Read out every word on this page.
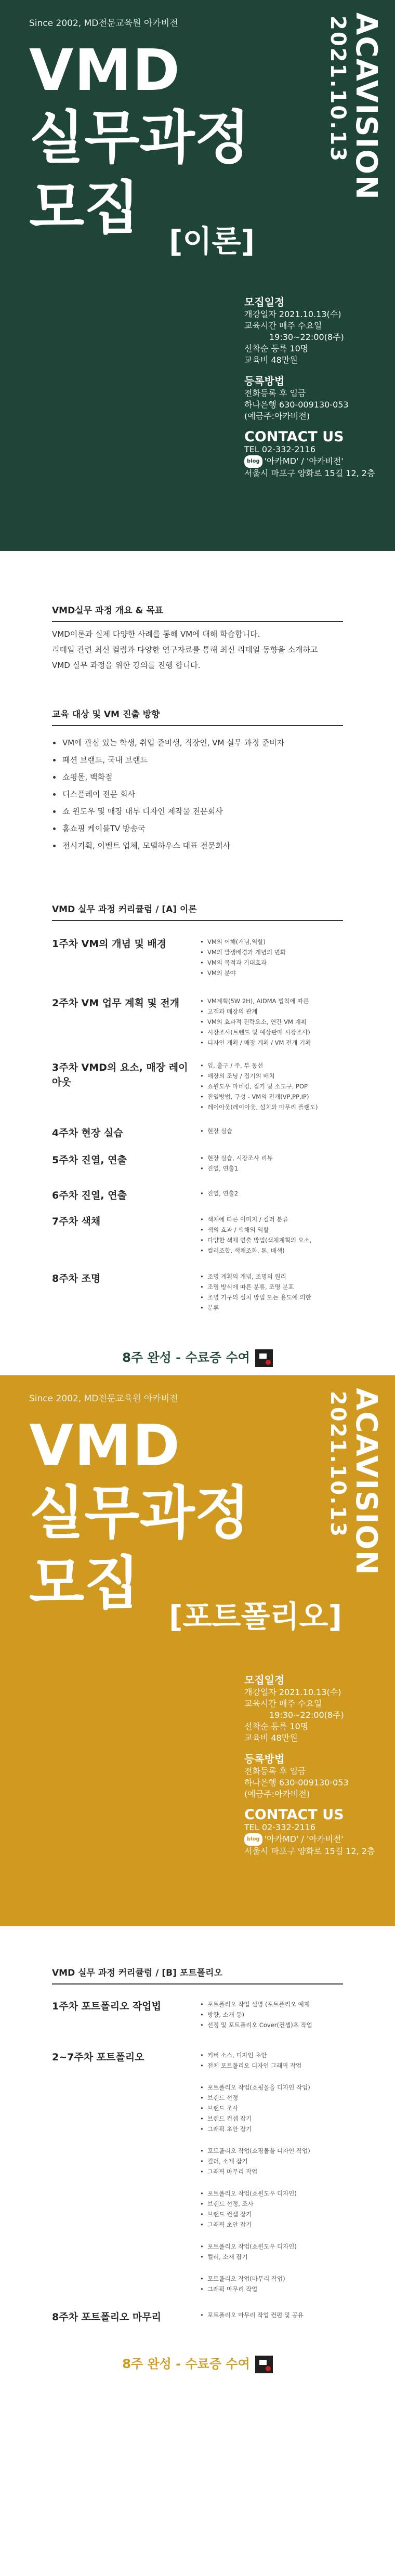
Since 2002, MD전문교육원 아카비전
VMD
실무과정
모집 [이론]
ACAVISION
2021.10.13
모집일정
개강일자 2021.10.13(수)
교육시간 매주 수요일
19:30~22:00(8주)
선착순 등록 10명
교육비 48만원
등록방법
전화등록 후 입금
하나은행 630-009130-053
(예금주:아카비전)
CONTACT US
TEL 02-332-2116
blog '아카MD' / '아카비전'
서울시 마포구 양화로 15길 12, 2층
VMD실무 과정 개요 & 목표

VMD이론과 실제 다양한 사례를 통해 VM에 대해 학습합니다.
리테일 관련 최신 컬럼과 다양한 연구자료를 통해 최신 리테일 동향을 소개하고
VMD 실무 과정을 위한 강의를 진행 합니다.

교육 대상 및 VM 진출 방향
VM에 관심 있는 학생, 취업 준비생, 직장인, VM 실무 과정 준비자
패션 브랜드, 국내 브랜드
쇼핑몰, 백화점
디스플레이 전문 회사
쇼 윈도우 및 매장 내부 디자인 제작물 전문회사
홈쇼핑 케이블TV 방송국
전시기획, 이벤트 업체, 모델하우스 대표 전문회사
VMD 실무 과정 커리큘럼 / [A] 이론
1주차 VM의 개념 및 배경	• VM의 이해(개념,역할)
• VM의 발생배경과 개념의 변화
• VM의 목적과 기대효과
• VM의 분야
2주차 VM 업무 계획 및 전개	• VM계획(5W 2H), AIDMA 법칙에 따른
• 고객과 매장의 관계
• VM의 효과적 전략요소, 연간 VM 계획
• 시장조사(트렌드 및 예상판매 시장조사)
• 디자인 계획 / 매장 계획 / VM 전개 기획
3주차 VMD의 요소, 매장 레이아웃
• 입, 출구 / 주, 부 동선
• 매장의 조닝 / 집기의 배치
• 쇼윈도우 마네킹, 집기 및 소도구, POP
• 진열방법, 구성 - VM의 전개(VP,PP,IP)
• 레이아웃(레이아웃, 설치와 마무리 플랜도)
4주차 현장 실습	• 현장 실습
5주차 진열, 연출	• 현장 실습, 시장조사 리뷰
• 진열, 연출1
6주차 진열, 연출	• 진열, 연출2
7주차 색채	• 색채에 따른 이미지 / 컬러 분류
• 색의 효과 / 색채의 역할
• 다양한 색채 연출 방법(색채계획의 요소,
• 컬러조합, 색채조화, 톤, 배색)
8주차 조명	• 조명 계획의 개념, 조명의 원리
• 조명 방식에 따른 분류, 조명 분포
• 조명 기구의 설치 방법 또는 용도에 의한
• 분류
8주 완성 - 수료증 수여
Since 2002, MD전문교육원 아카비전
VMD
실무과정
모집 [포트폴리오]
ACAVISION
2021.10.13
모집일정
개강일자 2021.10.13(수)
교육시간 매주 수요일
19:30~22:00(8주)
선착순 등록 10명
교육비 48만원
등록방법
전화등록 후 입금
하나은행 630-009130-053
(예금주:아카비전)
CONTACT US
TEL 02-332-2116
blog '아카MD' / '아카비전'
서울시 마포구 양화로 15길 12, 2층
VMD 실무 과정 커리큘럼 / [B] 포트폴리오
1주차 포트폴리오 작업법	• 포트폴리오 작업 설명 (포트폴리오 예제
• 방향, 소개 등)
• 선정 및 포트폴리오 Cover(컨셉)초 작업
2~7주차 포트폴리오	• 커버 소스, 디자인 초안
• 전체 포트폴리오 디자인 그래픽 작업
• 포트폴리오 작업(쇼핑몰을 디자인 작업)
• 브랜드 선정
• 브랜드 조사
• 브랜드 컨셉 잡기
• 그래픽 초안 잡기
• 포트폴리오 작업(쇼핑몰을 디자인 작업)
• 컬러, 소재 잡기
• 그래픽 마무리 작업
• 포트폴리오 작업(쇼윈도우 디자인)
• 브랜드 선정, 조사
• 브랜드 컨셉 잡기
• 그래픽 초안 잡기
• 포트폴리오 작업(쇼윈도우 디자인)
• 컬러, 소재 잡기
• 포트폴리오 작업(마무리 작업)
• 그래픽 마무리 작업
8주차 포트폴리오 마무리	• 포트폴리오 마무리 작업 컨펌 및 공유
8주 완성 - 수료증 수여
